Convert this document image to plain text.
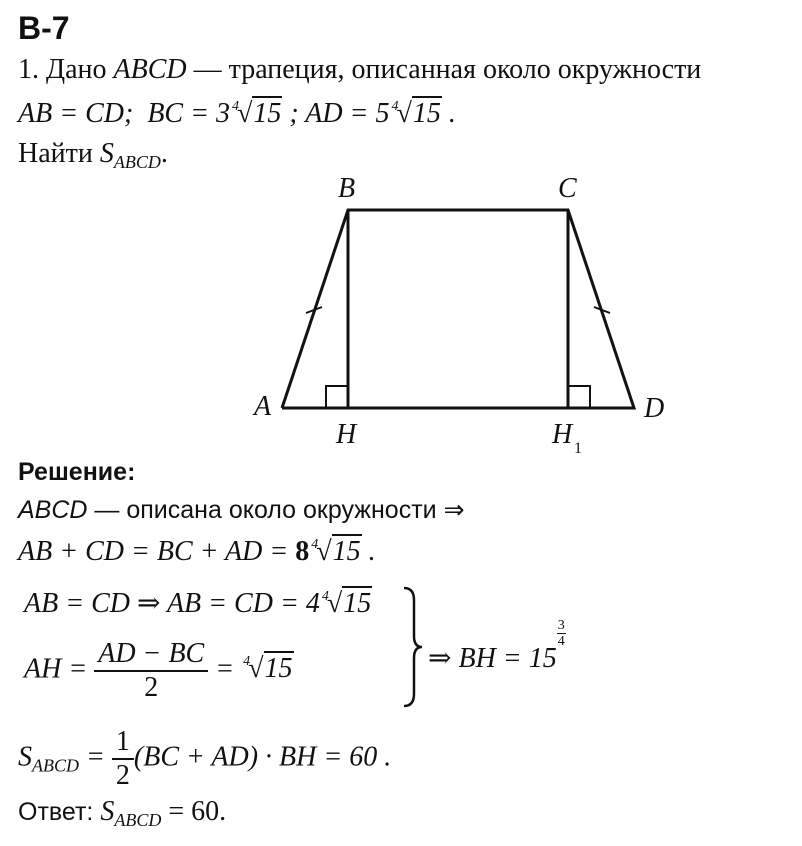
В-7
1. Дано ABCD — трапеция, описанная около окружности
AB = CD; BC = 3 $^4$√15 ; AD = 5 $^4$√15 .
Найти $S_{ABCD}$.
B	C
A	D
H	H 1
Решение:
ABCD — описана около окружности ⇒
AB + CD = BC + AD = 8 $^4$√15 .
AB = CD ⇒ AB = CD = 4 $^4$√15
AH = $\frac{AD - BC}{2} = ^4√15$	⇒ BH = 15
$\frac{3}{4}$
$S_{ABCD} = \frac{1}{2} (BC + AD)$ · BH = 60 .
Ответ: $S_{ABCD} = 60$.
